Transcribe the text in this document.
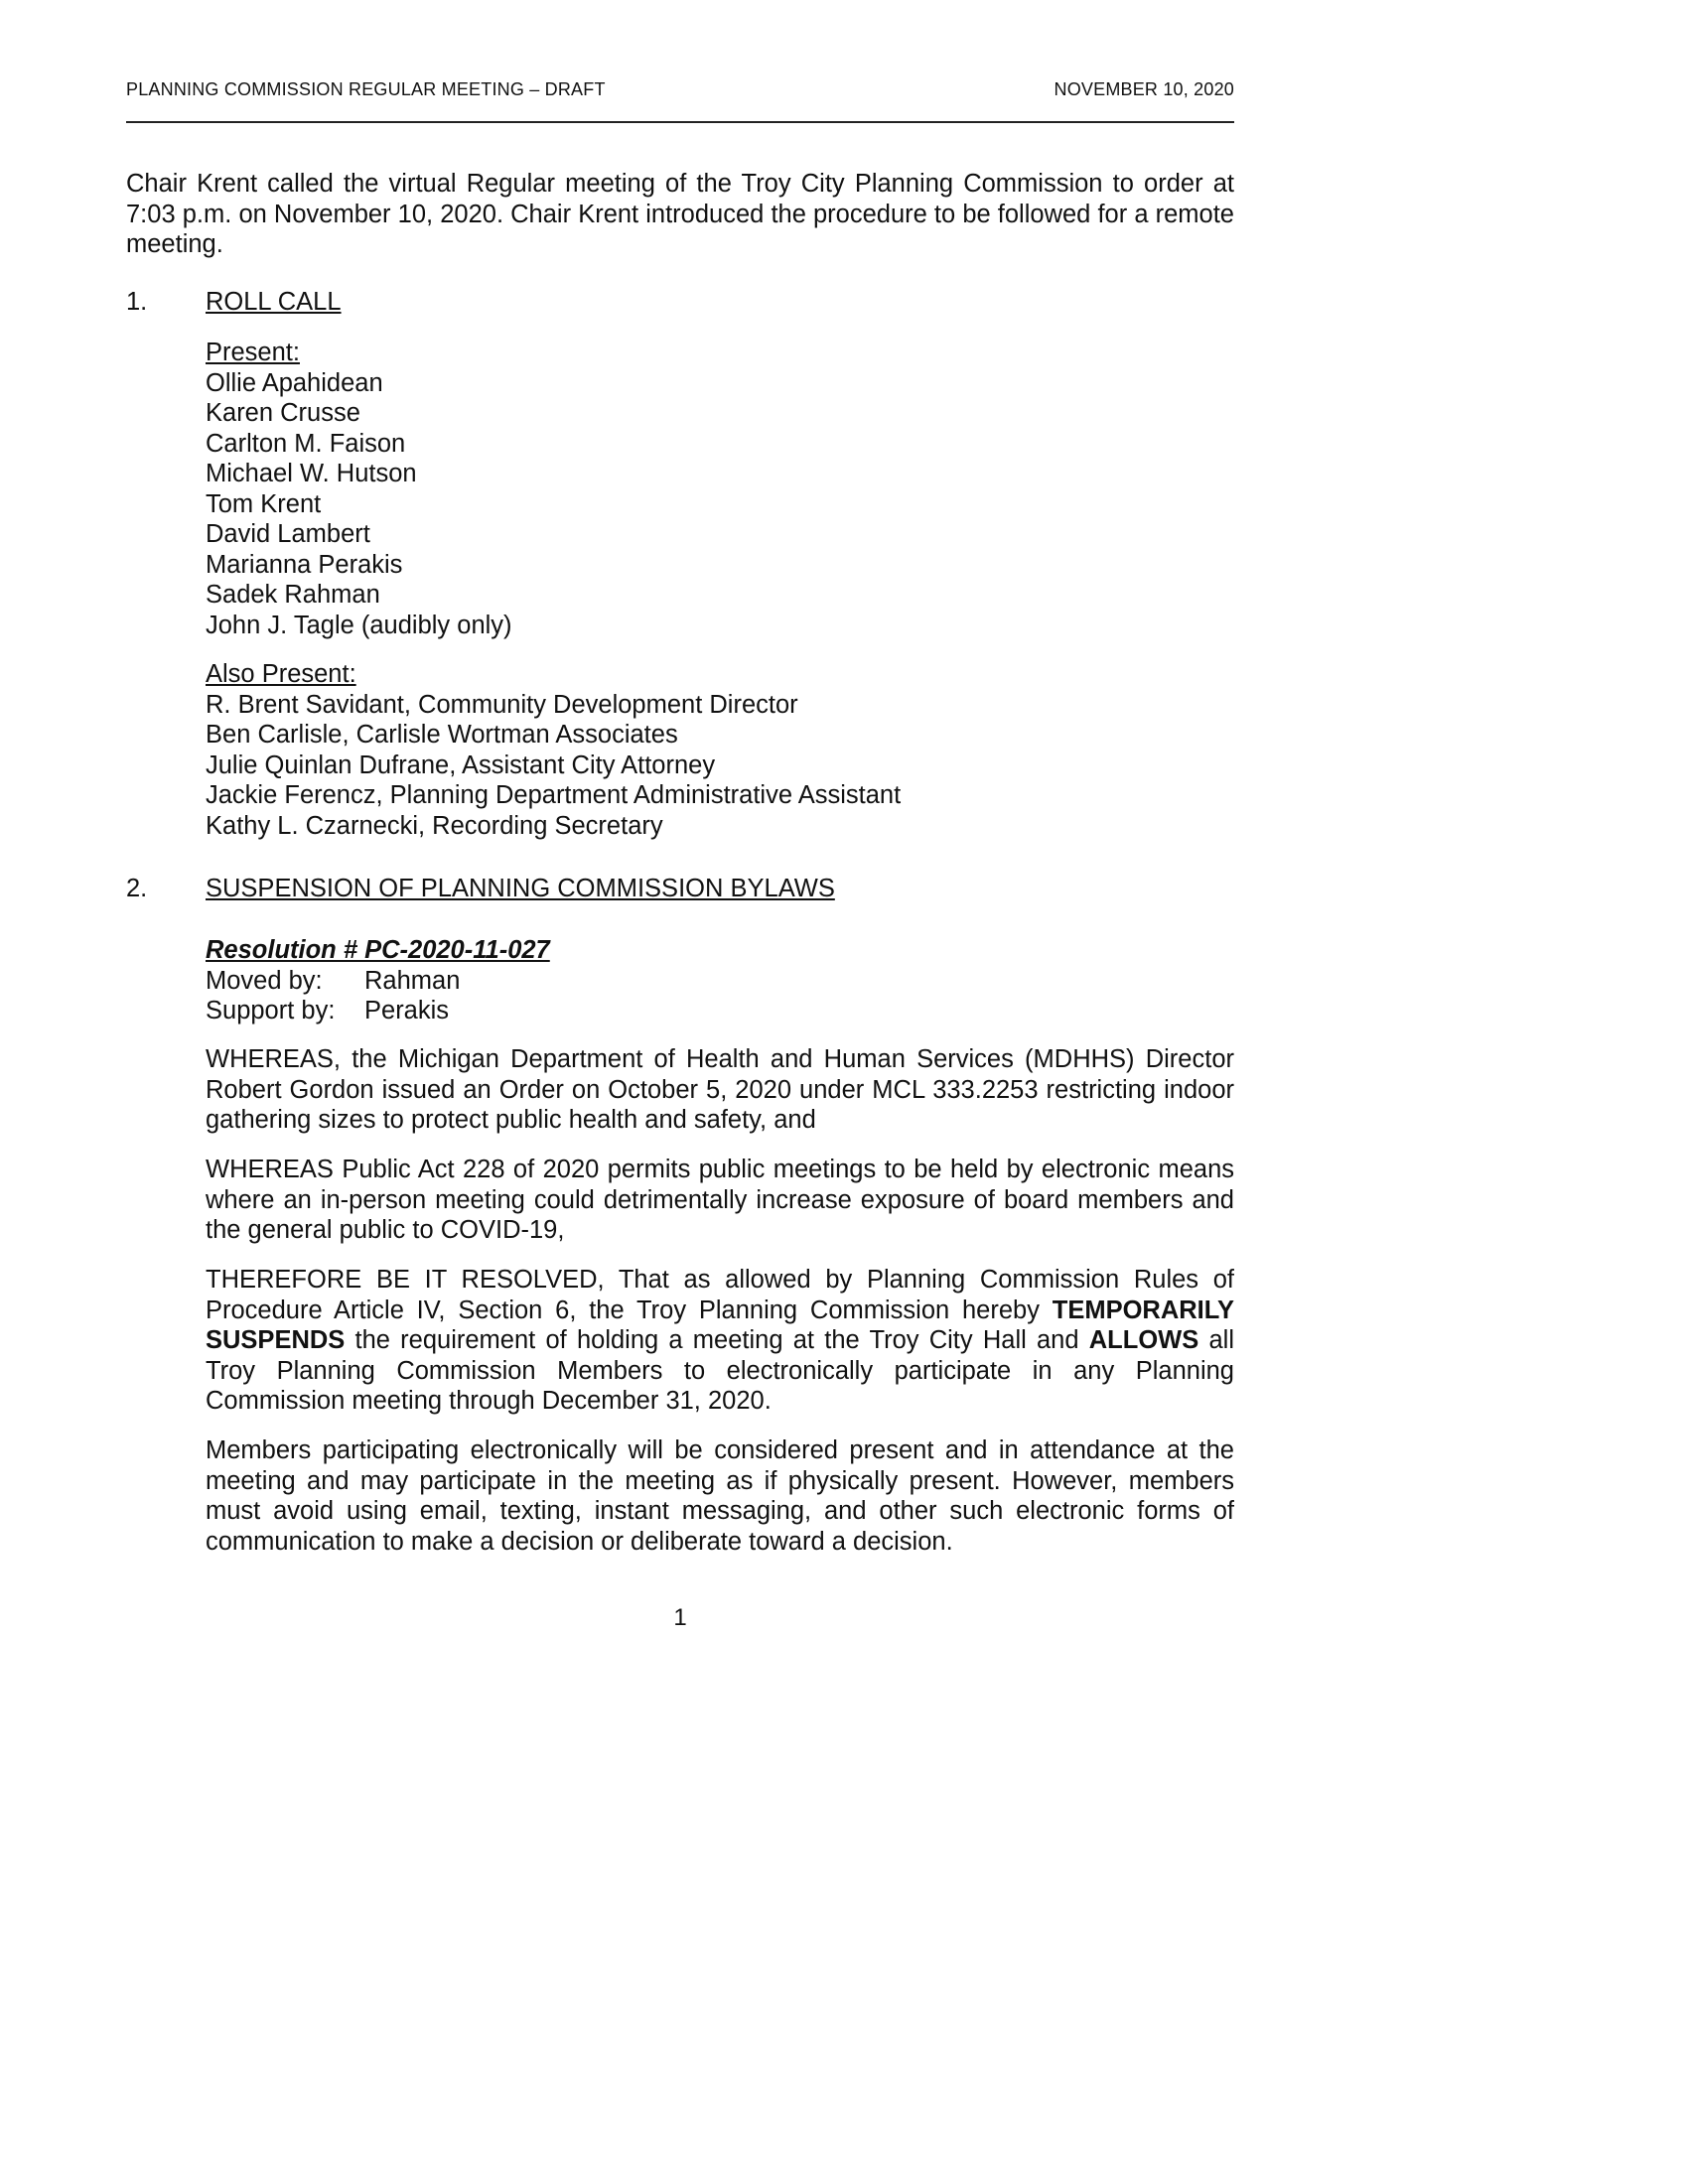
PLANNING COMMISSION REGULAR MEETING – DRAFT	NOVEMBER 10, 2020

Chair Krent called the virtual Regular meeting of the Troy City Planning Commission to order at 7:03 p.m. on November 10, 2020. Chair Krent introduced the procedure to be followed for a remote meeting.

1. ROLL CALL
Present:
Ollie Apahidean
Karen Crusse
Carlton M. Faison
Michael W. Hutson
Tom Krent
David Lambert
Marianna Perakis
Sadek Rahman
John J. Tagle (audibly only)
Also Present:
R. Brent Savidant, Community Development Director
Ben Carlisle, Carlisle Wortman Associates
Julie Quinlan Dufrane, Assistant City Attorney
Jackie Ferencz, Planning Department Administrative Assistant
Kathy L. Czarnecki, Recording Secretary
2. SUSPENSION OF PLANNING COMMISSION BYLAWS
Resolution # PC-2020-11-027
Moved by:	Rahman
Support by:	Perakis

WHEREAS, the Michigan Department of Health and Human Services (MDHHS) Director Robert Gordon issued an Order on October 5, 2020 under MCL 333.2253 restricting indoor gathering sizes to protect public health and safety, and

WHEREAS Public Act 228 of 2020 permits public meetings to be held by electronic means where an in-person meeting could detrimentally increase exposure of board members and the general public to COVID-19,

THEREFORE BE IT RESOLVED, That as allowed by Planning Commission Rules of Procedure Article IV, Section 6, the Troy Planning Commission hereby TEMPORARILY SUSPENDS the requirement of holding a meeting at the Troy City Hall and ALLOWS all Troy Planning Commission Members to electronically participate in any Planning Commission meeting through December 31, 2020.

Members participating electronically will be considered present and in attendance at the meeting and may participate in the meeting as if physically present. However, members must avoid using email, texting, instant messaging, and other such electronic forms of communication to make a decision or deliberate toward a decision.

1
